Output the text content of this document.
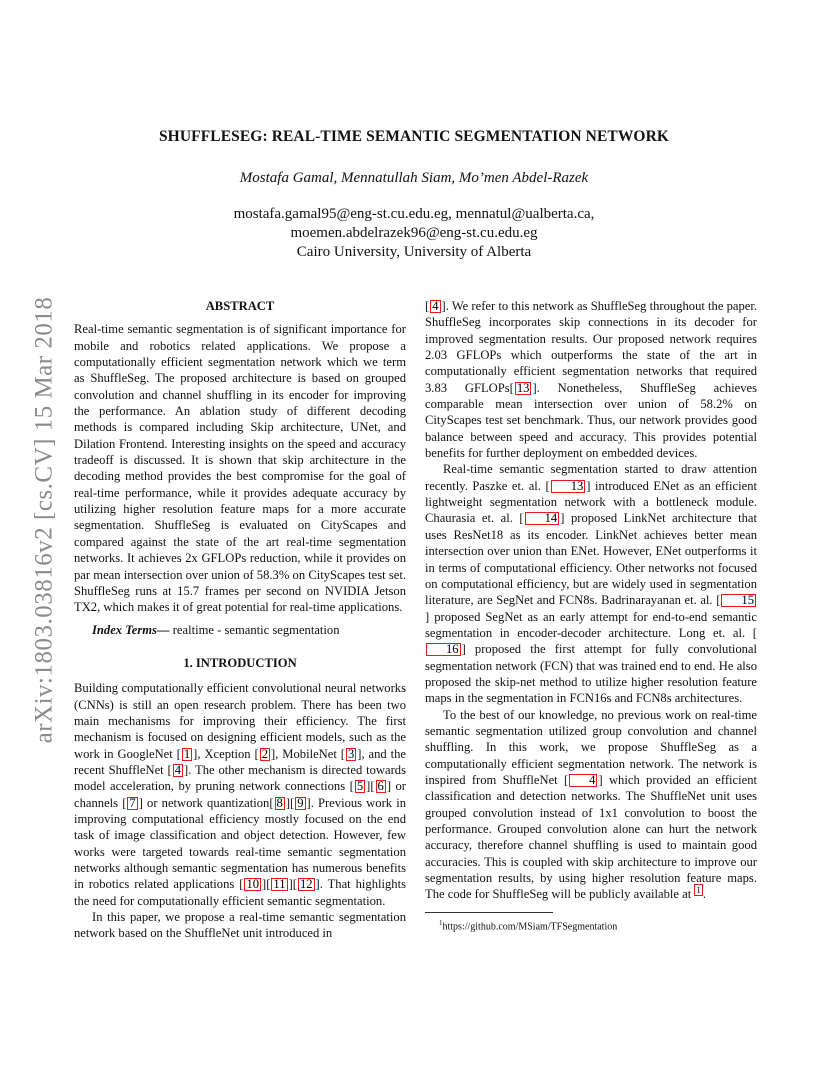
arXiv:1803.03816v2 [cs.CV] 15 Mar 2018
SHUFFLESEG: REAL-TIME SEMANTIC SEGMENTATION NETWORK
Mostafa Gamal, Mennatullah Siam, Mo’men Abdel-Razek
mostafa.gamal95@eng-st.cu.edu.eg, mennatul@ualberta.ca,
moemen.abdelrazek96@eng-st.cu.edu.eg
Cairo University, University of Alberta
ABSTRACT

Real-time semantic segmentation is of significant importance for mobile and robotics related applications. We propose a computationally efficient segmentation network which we term as ShuffleSeg. The proposed architecture is based on grouped convolution and channel shuffling in its encoder for improving the performance. An ablation study of different decoding methods is compared including Skip architecture, UNet, and Dilation Frontend. Interesting insights on the speed and accuracy tradeoff is discussed. It is shown that skip architecture in the decoding method provides the best compromise for the goal of real-time performance, while it provides adequate accuracy by utilizing higher resolution feature maps for a more accurate segmentation. ShuffleSeg is evaluated on CityScapes and compared against the state of the art real-time segmentation networks. It achieves 2x GFLOPs reduction, while it provides on par mean intersection over union of 58.3% on CityScapes test set. ShuffleSeg runs at 15.7 frames per second on NVIDIA Jetson TX2, which makes it of great potential for real-time applications.

Index Terms— realtime - semantic segmentation

1. INTRODUCTION

Building computationally efficient convolutional neural networks (CNNs) is still an open research problem. There has been two main mechanisms for improving their efficiency. The first mechanism is focused on designing efficient models, such as the work in GoogleNet [ 1 ], Xception [ 2 ], MobileNet [ 3 ], and the recent ShuffleNet [ 4 ]. The other mechanism is directed towards model acceleration, by pruning network connections [ 5 ][ 6 ] or channels [ 7 ] or network quantization[ 8 ][ 9 ]. Previous work in improving computational efficiency mostly focused on the end task of image classification and object detection. However, few works were targeted towards real-time semantic segmentation networks although semantic segmentation has numerous benefits in robotics related applications [ 10 ][ 11 ][ 12 ]. That highlights the need for computationally efficient semantic segmentation.

In this paper, we propose a real-time semantic segmentation network based on the ShuffleNet unit introduced in

[ 4 ]. We refer to this network as ShuffleSeg throughout the paper. ShuffleSeg incorporates skip connections in its decoder for improved segmentation results. Our proposed network requires 2.03 GFLOPs which outperforms the state of the art in computationally efficient segmentation networks that required 3.83 GFLOPs[ 13 ]. Nonetheless, ShuffleSeg achieves comparable mean intersection over union of 58.2% on CityScapes test set benchmark. Thus, our network provides good balance between speed and accuracy. This provides potential benefits for further deployment on embedded devices.

Real-time semantic segmentation started to draw attention recently. Paszke et. al. [ 13 ] introduced ENet as an efficient lightweight segmentation network with a bottleneck module. Chaurasia et. al. [ 14 ] proposed LinkNet architecture that uses ResNet18 as its encoder. LinkNet achieves better mean intersection over union than ENet. However, ENet outperforms it in terms of computational efficiency. Other networks not focused on computational efficiency, but are widely used in segmentation literature, are SegNet and FCN8s. Badrinarayanan et. al. [ 15] proposed SegNet as an early attempt for end-to-end semantic segmentation in encoder-decoder architecture. Long et. al. [16 ] proposed the first attempt for fully convolutional segmentation network (FCN) that was trained end to end. He also proposed the skip-net method to utilize higher resolution feature maps in the segmentation in FCN16s and FCN8s architectures.

To the best of our knowledge, no previous work on real-time semantic segmentation utilized group convolution and channel shuffling. In this work, we propose ShuffleSeg as a computationally efficient segmentation network. The network is inspired from ShuffleNet [ 4 ] which provided an efficient classification and detection networks. The ShuffleNet unit uses grouped convolution instead of 1x1 convolution to boost the performance. Grouped convolution alone can hurt the network accuracy, therefore channel shuffling is used to maintain good accuracies. This is coupled with skip architecture to improve our segmentation results, by using higher resolution feature maps. The code for ShuffleSeg will be publicly available at $^1$ .

$^1$https://github.com/MSiam/TFSegmentation
